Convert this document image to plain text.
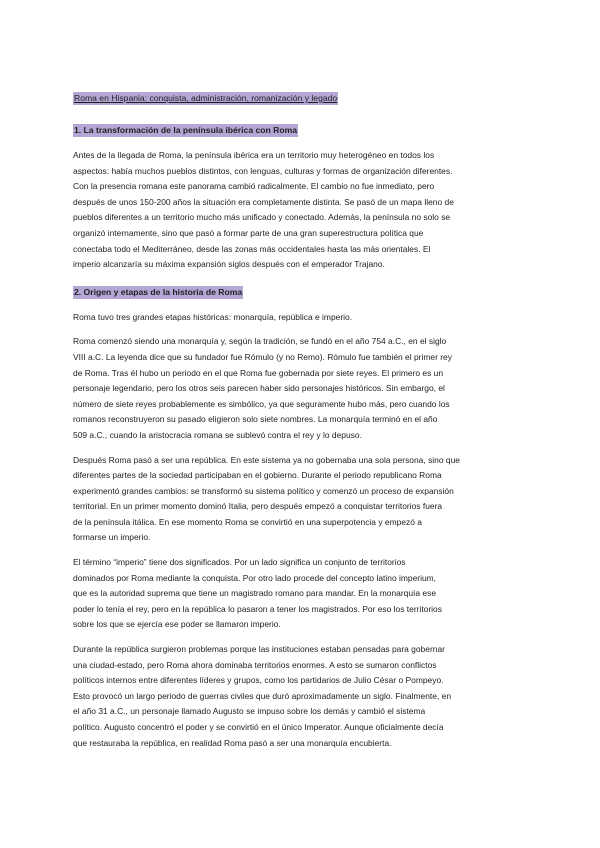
Roma en Hispania: conquista, administración, romanización y legado
1. La transformación de la península ibérica con Roma
Antes de la llegada de Roma, la península ibérica era un territorio muy heterogéneo en todos los
aspectos: había muchos pueblos distintos, con lenguas, culturas y formas de organización diferentes.
Con la presencia romana este panorama cambió radicalmente. El cambio no fue inmediato, pero
después de unos 150-200 años la situación era completamente distinta. Se pasó de un mapa lleno de
pueblos diferentes a un territorio mucho más unificado y conectado. Además, la península no solo se
organizó internamente, sino que pasó a formar parte de una gran superestructura política que
conectaba todo el Mediterráneo, desde las zonas más occidentales hasta las más orientales. El
imperio alcanzaría su máxima expansión siglos después con el emperador Trajano.
2. Origen y etapas de la historia de Roma
Roma tuvo tres grandes etapas históricas: monarquía, república e imperio.
Roma comenzó siendo una monarquía y, según la tradición, se fundó en el año 754 a.C., en el siglo
VIII a.C. La leyenda dice que su fundador fue Rómulo (y no Remo). Rómulo fue también el primer rey
de Roma. Tras él hubo un periodo en el que Roma fue gobernada por siete reyes. El primero es un
personaje legendario, pero los otros seis parecen haber sido personajes históricos. Sin embargo, el
número de siete reyes probablemente es simbólico, ya que seguramente hubo más, pero cuando los
romanos reconstruyeron su pasado eligieron solo siete nombres. La monarquía terminó en el año
509 a.C., cuando la aristocracia romana se sublevó contra el rey y lo depuso.
Después Roma pasó a ser una república. En este sistema ya no gobernaba una sola persona, sino que
diferentes partes de la sociedad participaban en el gobierno. Durante el periodo republicano Roma
experimentó grandes cambios: se transformó su sistema político y comenzó un proceso de expansión
territorial. En un primer momento dominó Italia, pero después empezó a conquistar territorios fuera
de la península itálica. En ese momento Roma se convirtió en una superpotencia y empezó a
formarse un imperio.
El término “imperio” tiene dos significados. Por un lado significa un conjunto de territorios
dominados por Roma mediante la conquista. Por otro lado procede del concepto latino imperium,
que es la autoridad suprema que tiene un magistrado romano para mandar. En la monarquía ese
poder lo tenía el rey, pero en la república lo pasaron a tener los magistrados. Por eso los territorios
sobre los que se ejercía ese poder se llamaron imperio.
Durante la república surgieron problemas porque las instituciones estaban pensadas para gobernar
una ciudad-estado, pero Roma ahora dominaba territorios enormes. A esto se sumaron conflictos
políticos internos entre diferentes líderes y grupos, como los partidarios de Julio César o Pompeyo.
Esto provocó un largo periodo de guerras civiles que duró aproximadamente un siglo. Finalmente, en
el año 31 a.C., un personaje llamado Augusto se impuso sobre los demás y cambió el sistema
político. Augusto concentró el poder y se convirtió en el único Imperator. Aunque oficialmente decía
que restauraba la república, en realidad Roma pasó a ser una monarquía encubierta.
